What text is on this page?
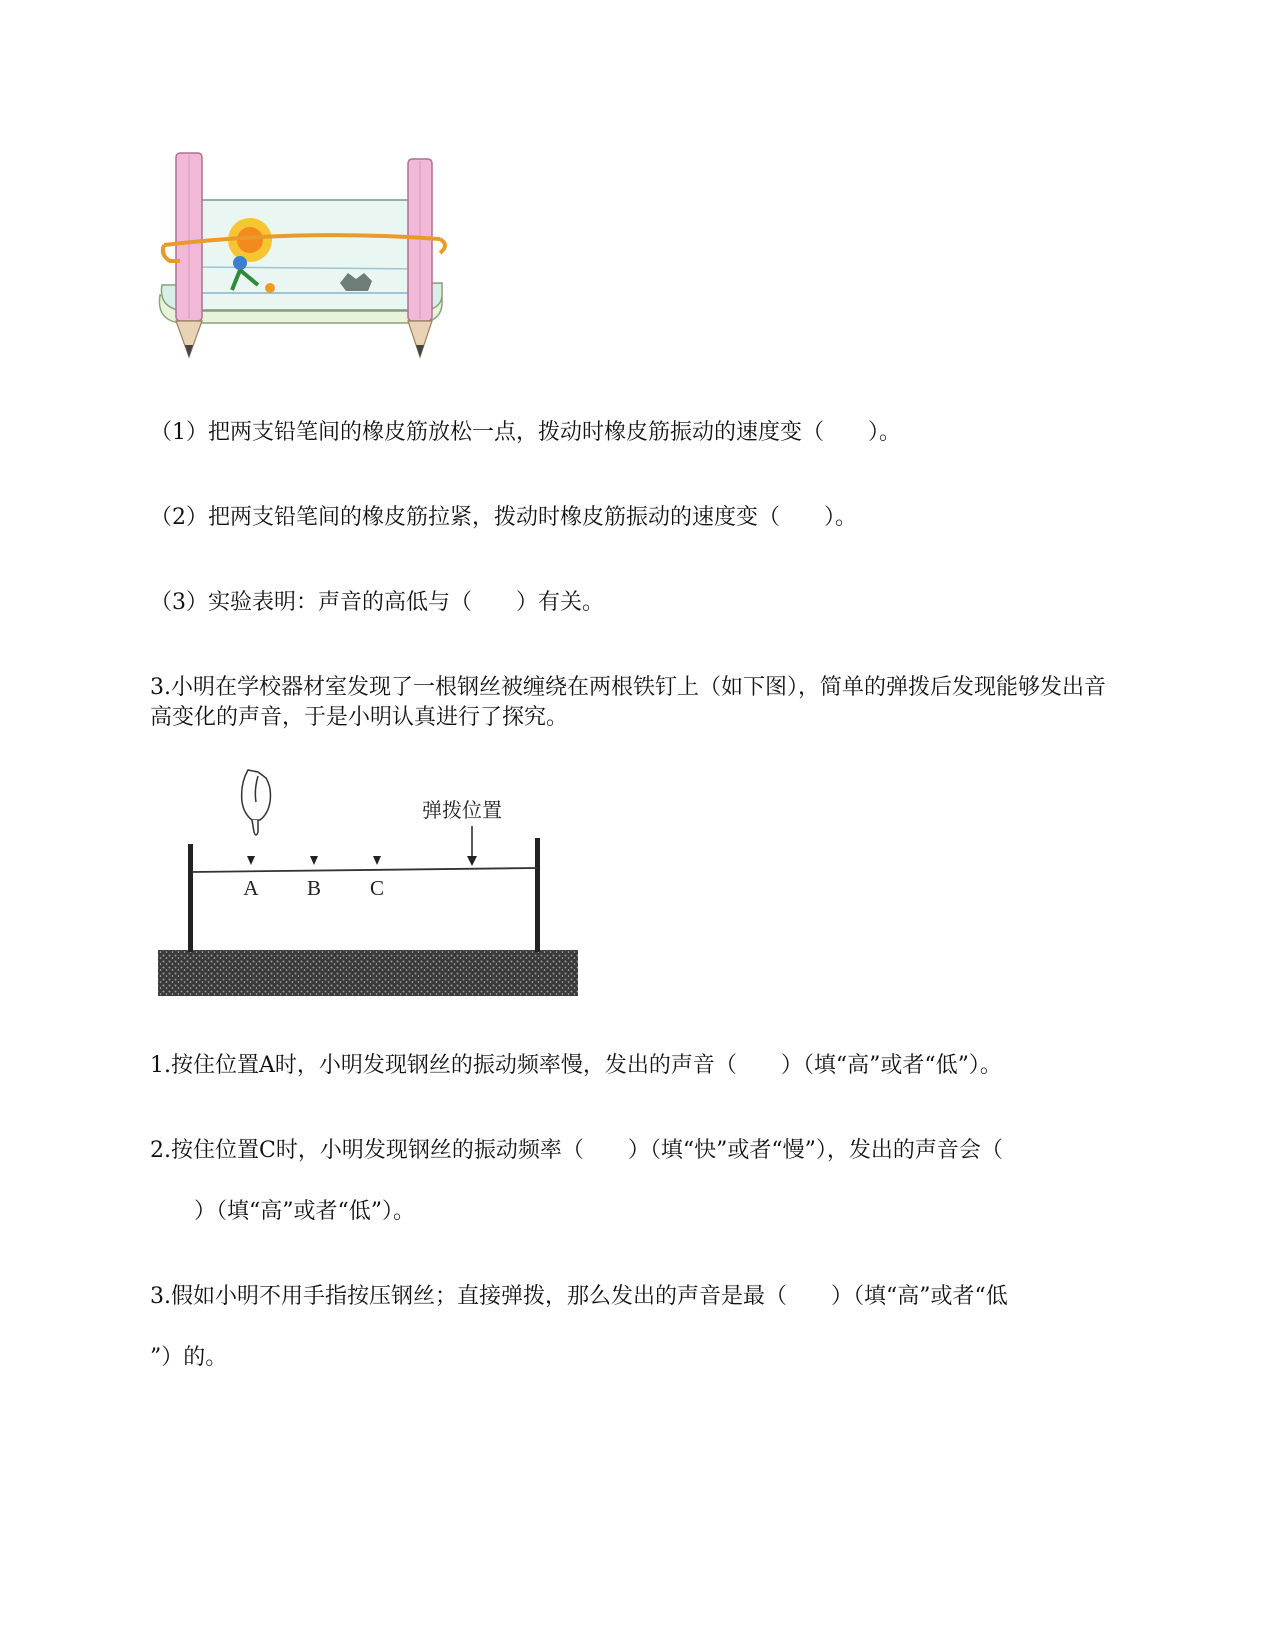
（1）把两支铅笔间的橡皮筋放松一点，拨动时橡皮筋振动的速度变（　　）。
（2）把两支铅笔间的橡皮筋拉紧，拨动时橡皮筋振动的速度变（　　）。
（3）实验表明：声音的高低与（　　）有关。
3.小明在学校器材室发现了一根钢丝被缠绕在两根铁钉上（如下图），简单的弹拨后发现能够发出音高变化的声音，于是小明认真进行了探究。
A B C
弹拨位置
1.按住位置A时，小明发现钢丝的振动频率慢，发出的声音（　　）（填“高”或者“低”）。
2.按住位置C时，小明发现钢丝的振动频率（　　）（填“快”或者“慢”），发出的声音会（
　　）（填“高”或者“低”）。
3.假如小明不用手指按压钢丝；直接弹拨，那么发出的声音是最（　　）（填“高”或者“低
”）的。
